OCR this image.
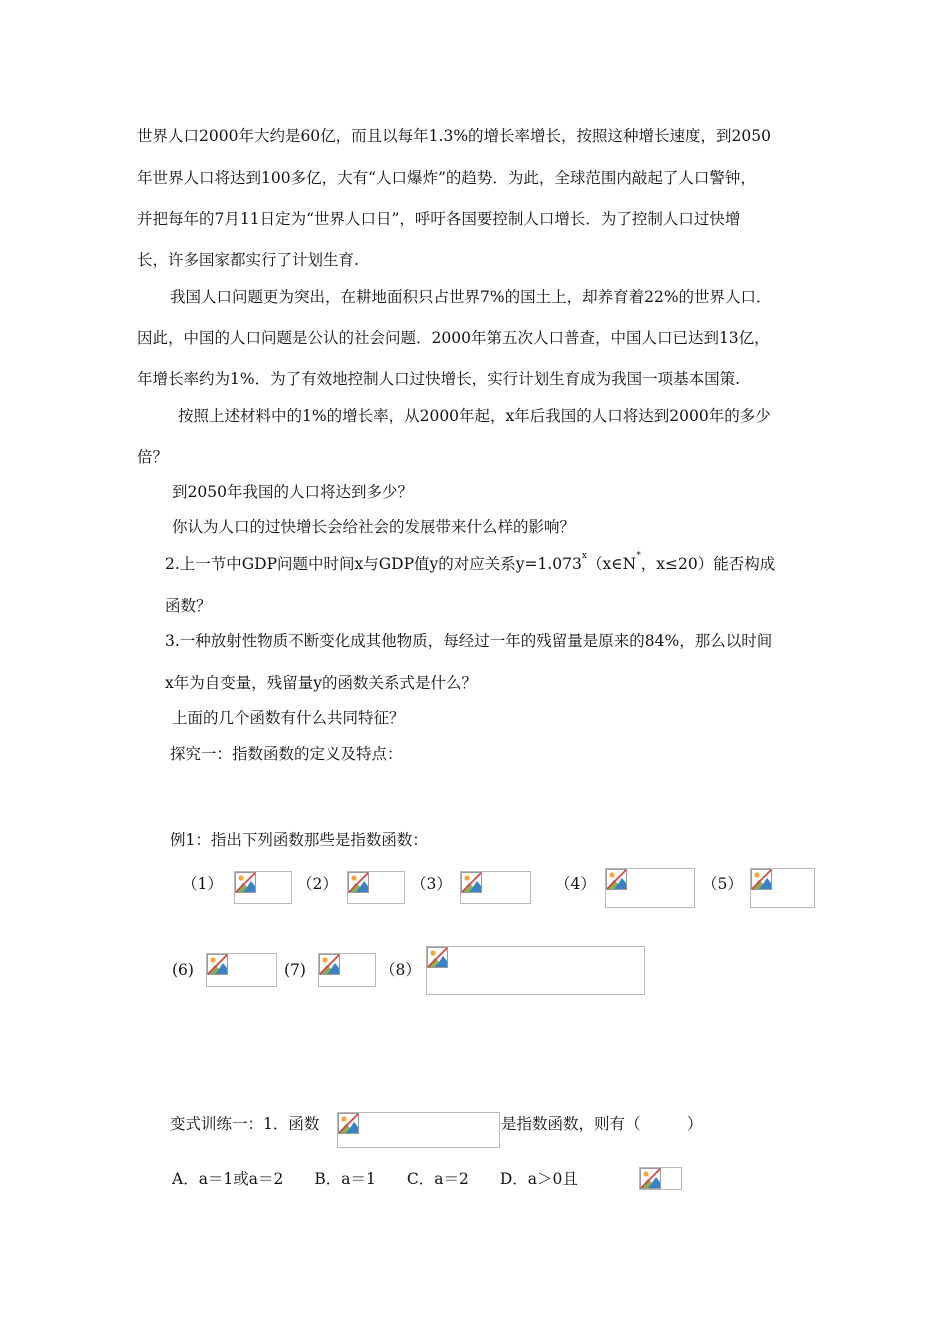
世界人口2000年大约是60亿，而且以每年1.3%的增长率增长，按照这种增长速度，到2050
年世界人口将达到100多亿，大有“人口爆炸”的趋势．为此，全球范围内敲起了人口警钟，
并把每年的7月11日定为“世界人口日”，呼吁各国要控制人口增长．为了控制人口过快增
长，许多国家都实行了计划生育.
我国人口问题更为突出，在耕地面积只占世界7%的国土上，却养育着22%的世界人口．
因此，中国的人口问题是公认的社会问题．2000年第五次人口普查，中国人口已达到13亿，
年增长率约为1%．为了有效地控制人口过快增长，实行计划生育成为我国一项基本国策.
按照上述材料中的1%的增长率，从2000年起，x年后我国的人口将达到2000年的多少
倍？
到2050年我国的人口将达到多少？
你认为人口的过快增长会给社会的发展带来什么样的影响？
2.上一节中GDP问题中时间x与GDP值y的对应关系$y=1.073^x(x\in N^*$，x≤20）能否构成
函数？
3.一种放射性物质不断变化成其他物质，每经过一年的残留量是原来的84%，那么以时间
x年为自变量，残留量y的函数关系式是什么？
上面的几个函数有什么共同特征？
探究一：指数函数的定义及特点：
例1：指出下列函数那些是指数函数：
（1）	（2）	（3）	（4）	（5）
(6)	(7)	（8）
变式训练一：1．函数	是指数函数，则有（　　　）
A．a＝1或a＝2　　B．a＝1　　C．a＝2　　D．a＞0且
